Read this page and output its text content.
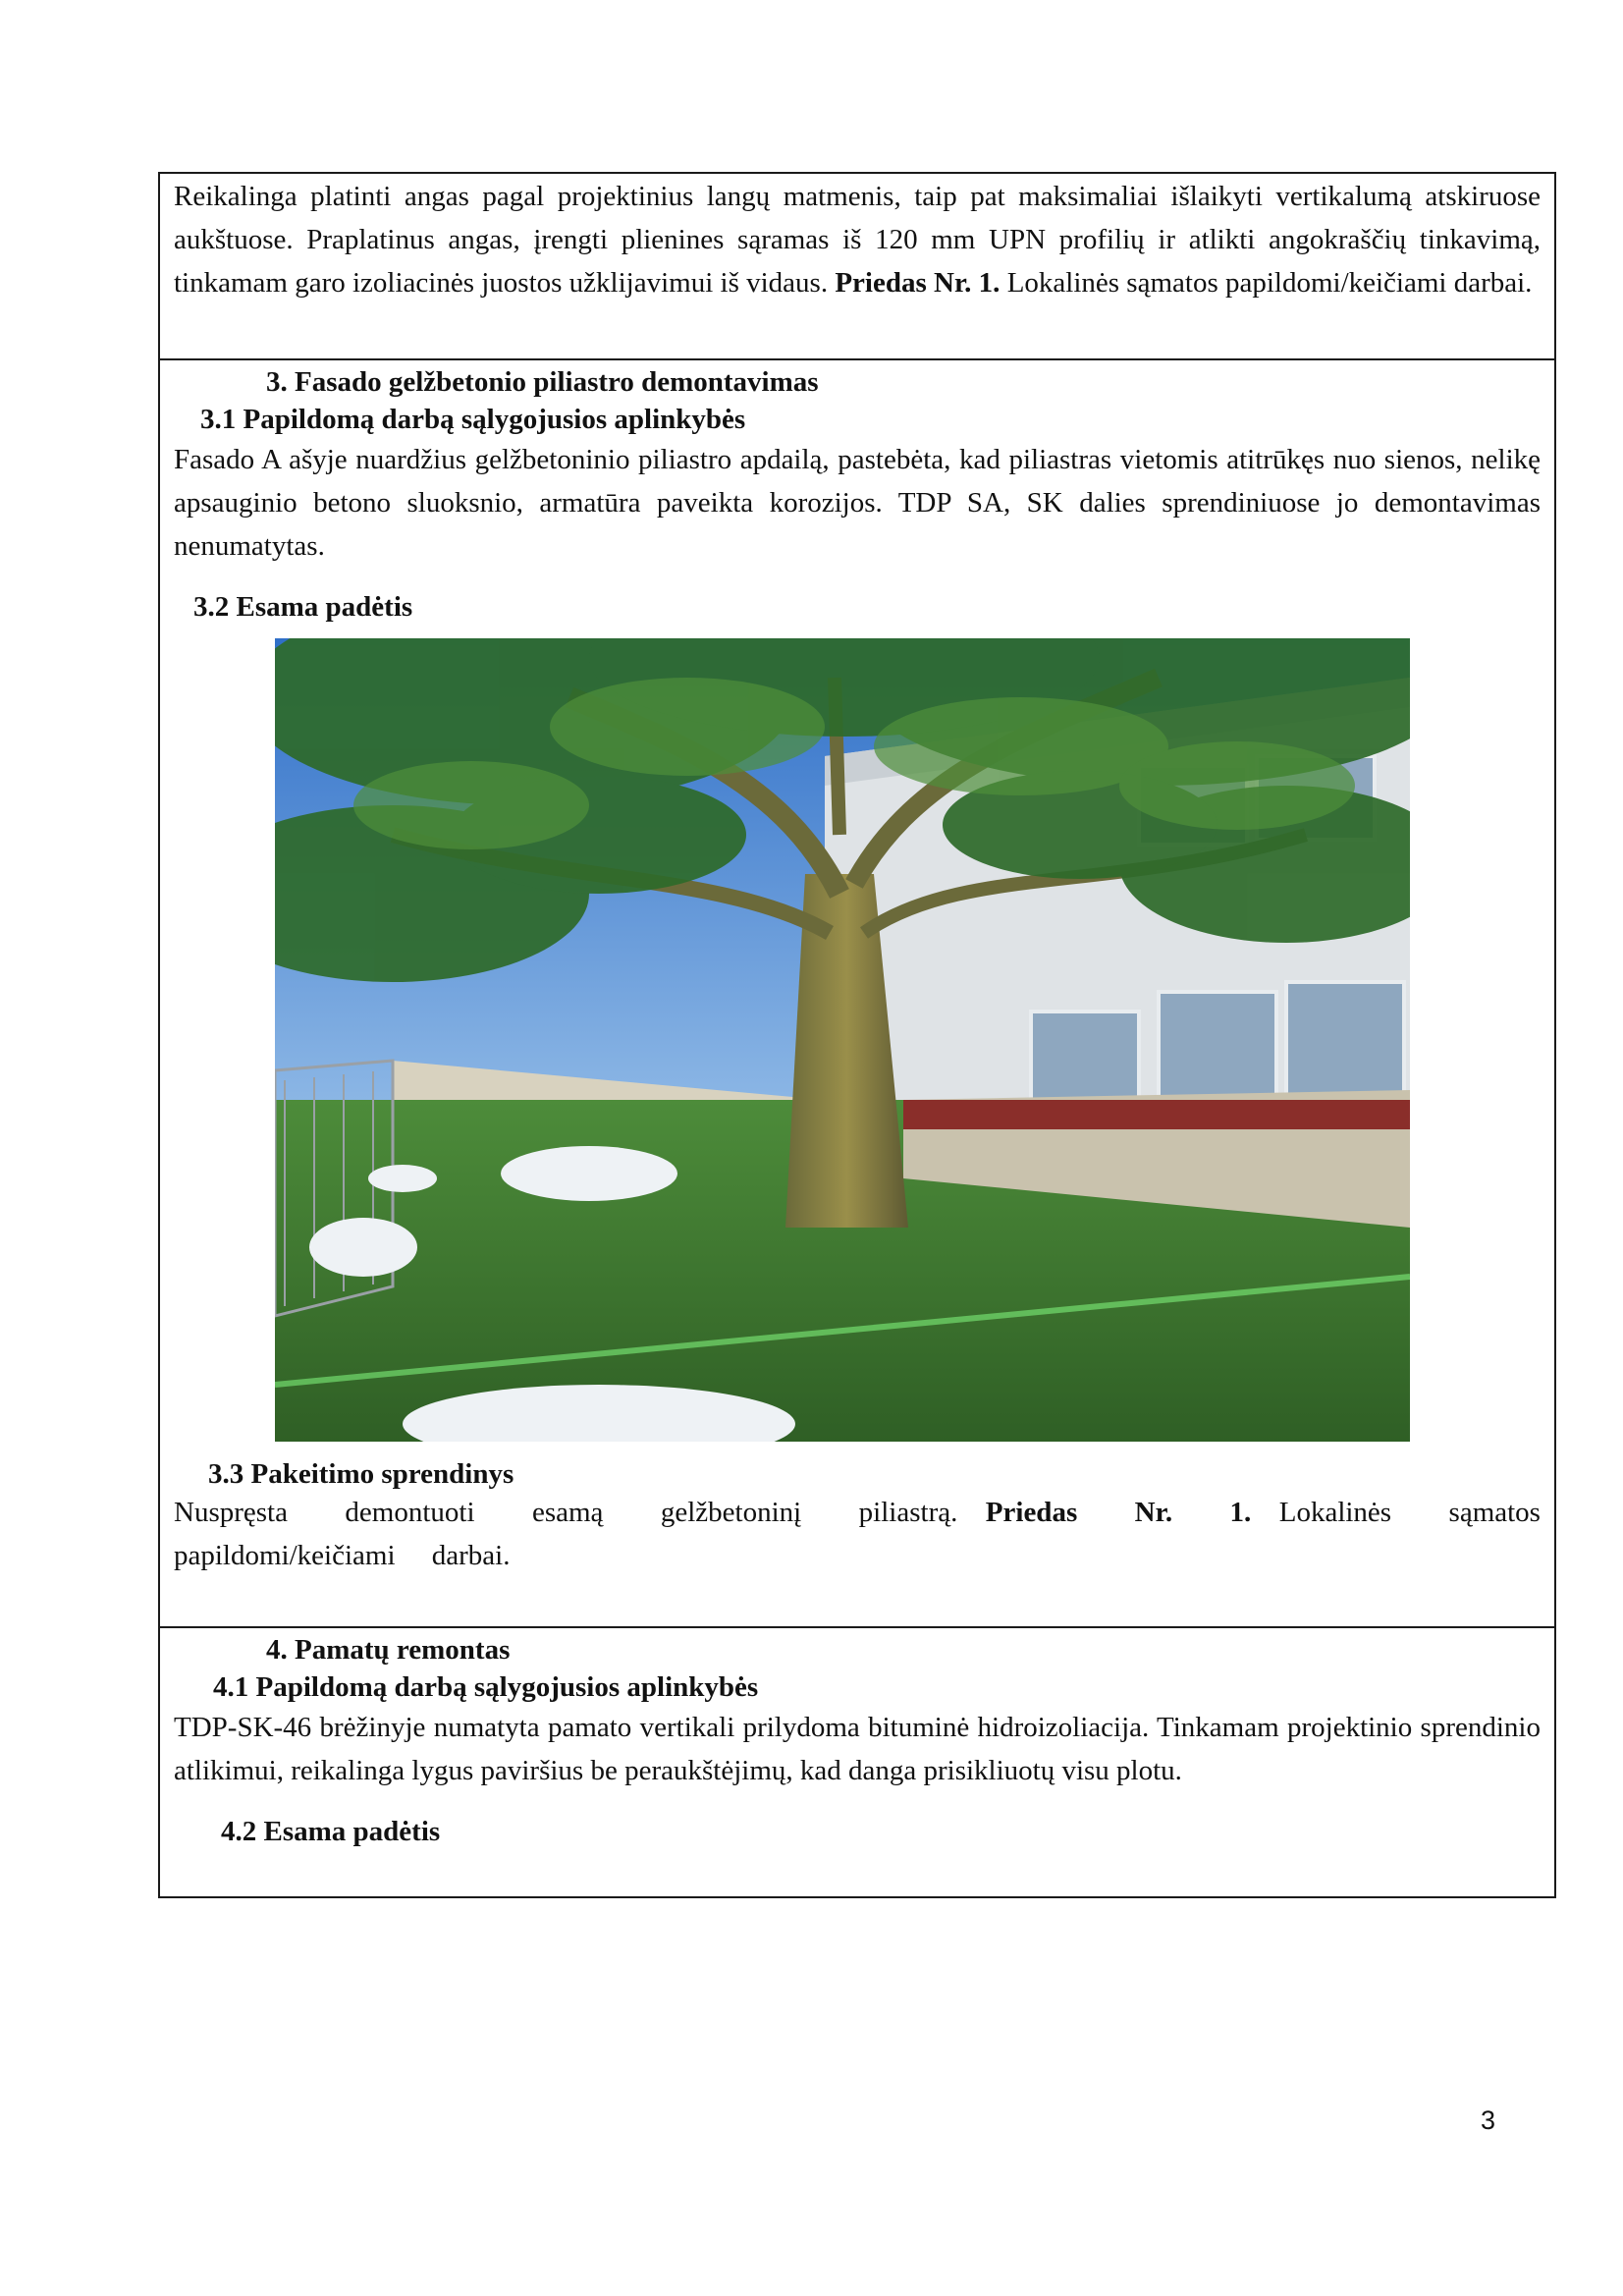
Reikalinga platinti angas pagal projektinius langų matmenis, taip pat maksimaliai išlaikyti vertikalumą atskiruose aukštuose. Praplatinus angas, įrengti plienines sąramas iš 120 mm UPN profilių ir atlikti angokraščių tinkavimą, tinkamam garo izoliacinės juostos užklijavimui iš vidaus. Priedas Nr. 1. Lokalinės sąmatos papildomi/keičiami darbai.

3. Fasado gelžbetonio piliastro demontavimas

3.1 Papildomą darbą sąlygojusios aplinkybės

Fasado A ašyje nuardžius gelžbetoninio piliastro apdailą, pastebėta, kad piliastras vietomis atitrūkęs nuo sienos, nelikę apsauginio betono sluoksnio, armatūra paveikta korozijos. TDP SA, SK dalies sprendiniuose jo demontavimas nenumatytas.

3.2 Esama padėtis

3.3 Pakeitimo sprendinys

Nuspręsta demontuoti esamą gelžbetoninį piliastrą. Priedas Nr. 1. Lokalinės sąmatos papildomi/keičiami darbai.

4. Pamatų remontas

4.1 Papildomą darbą sąlygojusios aplinkybės

TDP-SK-46 brėžinyje numatyta pamato vertikali prilydoma bituminė hidroizoliacija. Tinkamam projektinio sprendinio atlikimui, reikalinga lygus paviršius be peraukštėjimų, kad danga prisikliuotų visu plotu.

4.2 Esama padėtis

3
